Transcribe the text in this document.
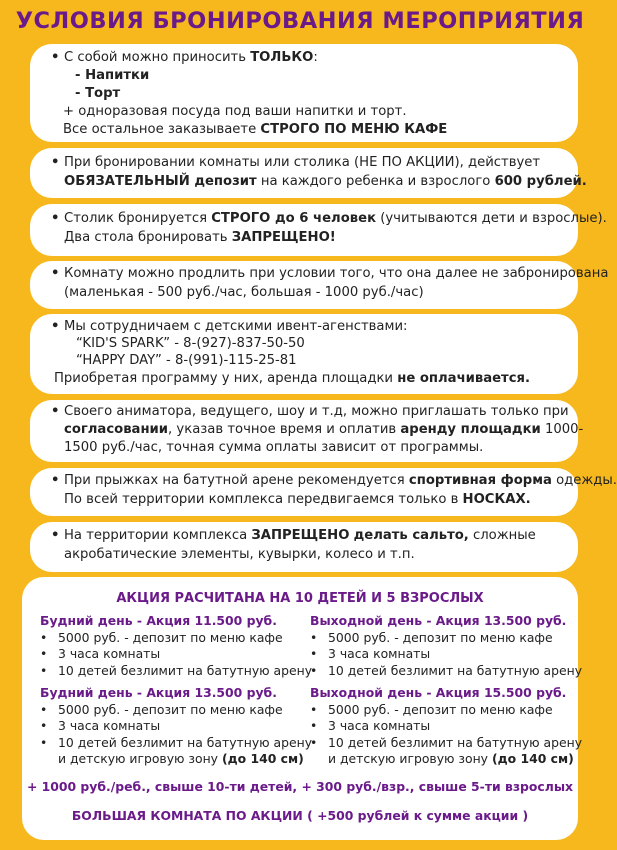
УСЛОВИЯ БРОНИРОВАНИЯ МЕРОПРИЯТИЯ
• С собой можно приносить ТОЛЬКО:
- Напитки
- Торт
+ одноразовая посуда под ваши напитки и торт.
Все остальное заказываете СТРОГО ПО МЕНЮ КАФЕ
• При бронировании комнаты или столика (НЕ ПО АКЦИИ), действует
ОБЯЗАТЕЛЬНЫЙ депозит на каждого ребенка и взрослого 600 рублей.
• Столик бронируется СТРОГО до 6 человек (учитываются дети и взрослые).
Два стола бронировать ЗАПРЕЩЕНО!
• Комнату можно продлить при условии того, что она далее не забронирована
(маленькая - 500 руб./час, большая - 1000 руб./час)
• Мы сотрудничаем с детскими ивент-агенствами:
“KID'S SPARK” - 8-(927)-837-50-50
“HAPPY DAY” - 8-(991)-115-25-81
Приобретая программу у них, аренда площадки не оплачивается.
• Своего аниматора, ведущего, шоу и т.д, можно приглашать только при
согласовании, указав точное время и оплатив аренду площадки 1000-
1500 руб./час, точная сумма оплаты зависит от программы.
• При прыжках на батутной арене рекомендуется спортивная форма одежды.
По всей территории комплекса передвигаемся только в НОСКАХ.
• На территории комплекса ЗАПРЕЩЕНО делать сальто, сложные
акробатические элементы, кувырки, колесо и т.п.
АКЦИЯ РАСЧИТАНА НА 10 ДЕТЕЙ И 5 ВЗРОСЛЫХ
Будний день - Акция 11.500 руб.
• 5000 руб. - депозит по меню кафе
• 3 часа комнаты
• 10 детей безлимит на батутную арену
Выходной день - Акция 13.500 руб.
• 5000 руб. - депозит по меню кафе
• 3 часа комнаты
• 10 детей безлимит на батутную арену
Будний день - Акция 13.500 руб.
• 5000 руб. - депозит по меню кафе
• 3 часа комнаты
• 10 детей безлимит на батутную арену
и детскую игровую зону (до 140 см)
Выходной день - Акция 15.500 руб.
• 5000 руб. - депозит по меню кафе
• 3 часа комнаты
• 10 детей безлимит на батутную арену
и детскую игровую зону (до 140 см)
+ 1000 руб./реб., свыше 10-ти детей, + 300 руб./взр., свыше 5-ти взрослых
БОЛЬШАЯ КОМНАТА ПО АКЦИИ ( +500 рублей к сумме акции )
